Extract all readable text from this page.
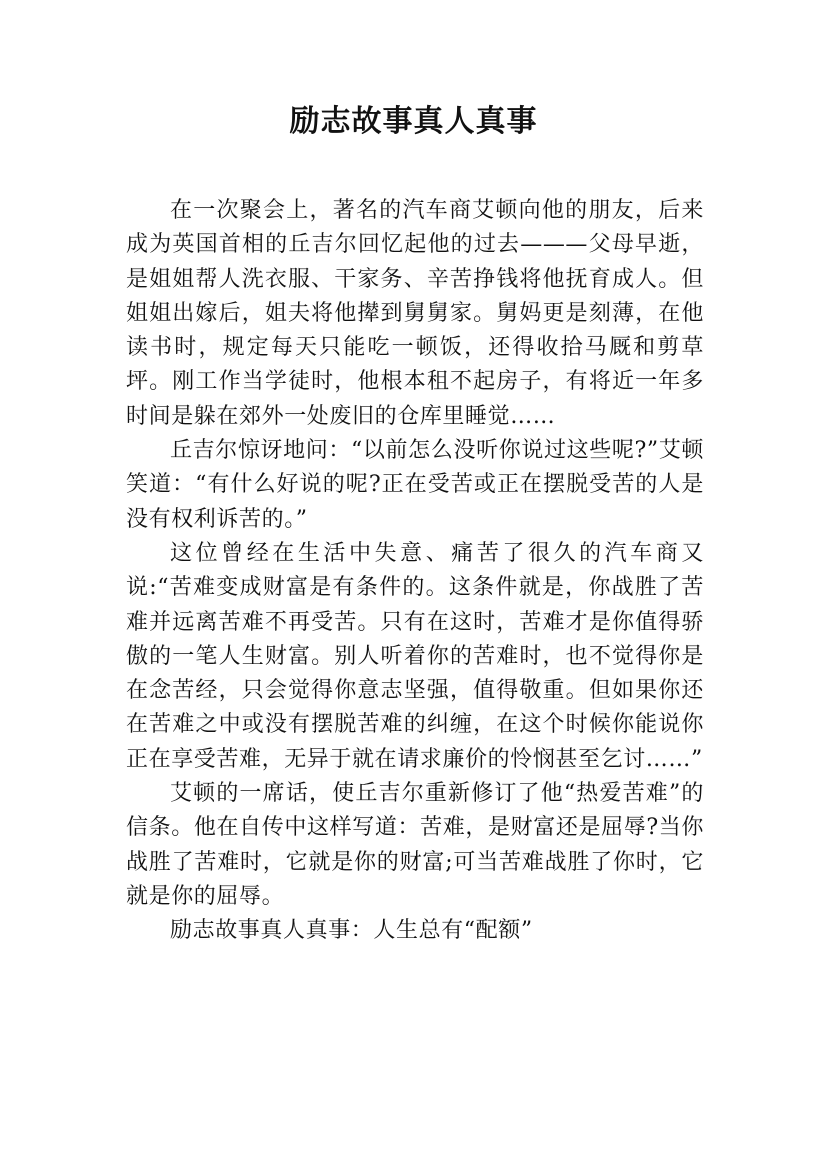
励志故事真人真事

在一次聚会上，著名的汽车商艾顿向他的朋友，后来成为英国首相的丘吉尔回忆起他的过去———父母早逝，是姐姐帮人洗衣服、干家务、辛苦挣钱将他抚育成人。但姐姐出嫁后，姐夫将他撵到舅舅家。舅妈更是刻薄，在他读书时，规定每天只能吃一顿饭，还得收拾马厩和剪草坪。刚工作当学徒时，他根本租不起房子，有将近一年多时间是躲在郊外一处废旧的仓库里睡觉……

丘吉尔惊讶地问：“以前怎么没听你说过这些呢?”艾顿笑道：“有什么好说的呢?正在受苦或正在摆脱受苦的人是没有权利诉苦的。”

这位曾经在生活中失意、痛苦了很久的汽车商又说:“苦难变成财富是有条件的。这条件就是，你战胜了苦难并远离苦难不再受苦。只有在这时，苦难才是你值得骄傲的一笔人生财富。别人听着你的苦难时，也不觉得你是在念苦经，只会觉得你意志坚强，值得敬重。但如果你还在苦难之中或没有摆脱苦难的纠缠，在这个时候你能说你正在享受苦难，无异于就在请求廉价的怜悯甚至乞讨……”

艾顿的一席话，使丘吉尔重新修订了他“热爱苦难”的信条。他在自传中这样写道：苦难，是财富还是屈辱?当你战胜了苦难时，它就是你的财富;可当苦难战胜了你时，它就是你的屈辱。

励志故事真人真事：人生总有“配额”
